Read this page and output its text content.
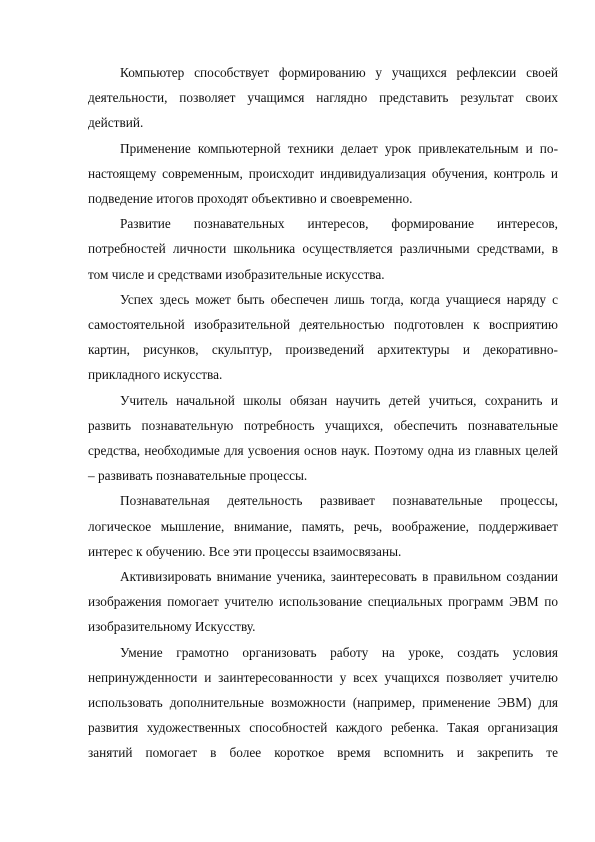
Компьютер способствует формированию у учащихся рефлексии своей деятельности, позволяет учащимся наглядно представить результат своих действий.

Применение компьютерной техники делает урок привлекательным и по-настоящему современным, происходит индивидуализация обучения, контроль и подведение итогов проходят объективно и своевременно.

Развитие познавательных интересов, формирование интересов, потребностей личности школьника осуществляется различными средствами, в том числе и средствами изобразительные искусства.

Успех здесь может быть обеспечен лишь тогда, когда учащиеся наряду с самостоятельной изобразительной деятельностью подготовлен к восприятию картин, рисунков, скульптур, произведений архитектуры и декоративно-прикладного искусства.

Учитель начальной школы обязан научить детей учиться, сохранить и развить познавательную потребность учащихся, обеспечить познавательные средства, необходимые для усвоения основ наук. Поэтому одна из главных целей – развивать познавательные процессы.

Познавательная деятельность развивает познавательные процессы, логическое мышление, внимание, память, речь, воображение, поддерживает интерес к обучению. Все эти процессы взаимосвязаны.

Активизировать внимание ученика, заинтересовать в правильном создании изображения помогает учителю использование специальных программ ЭВМ по изобразительному Искусству.

Умение грамотно организовать работу на уроке, создать условия непринужденности и заинтересованности у всех учащихся позволяет учителю использовать дополнительные возможности (например, применение ЭВМ) для развития художественных способностей каждого ребенка. Такая организация занятий помогает в более короткое время вспомнить и закрепить те
